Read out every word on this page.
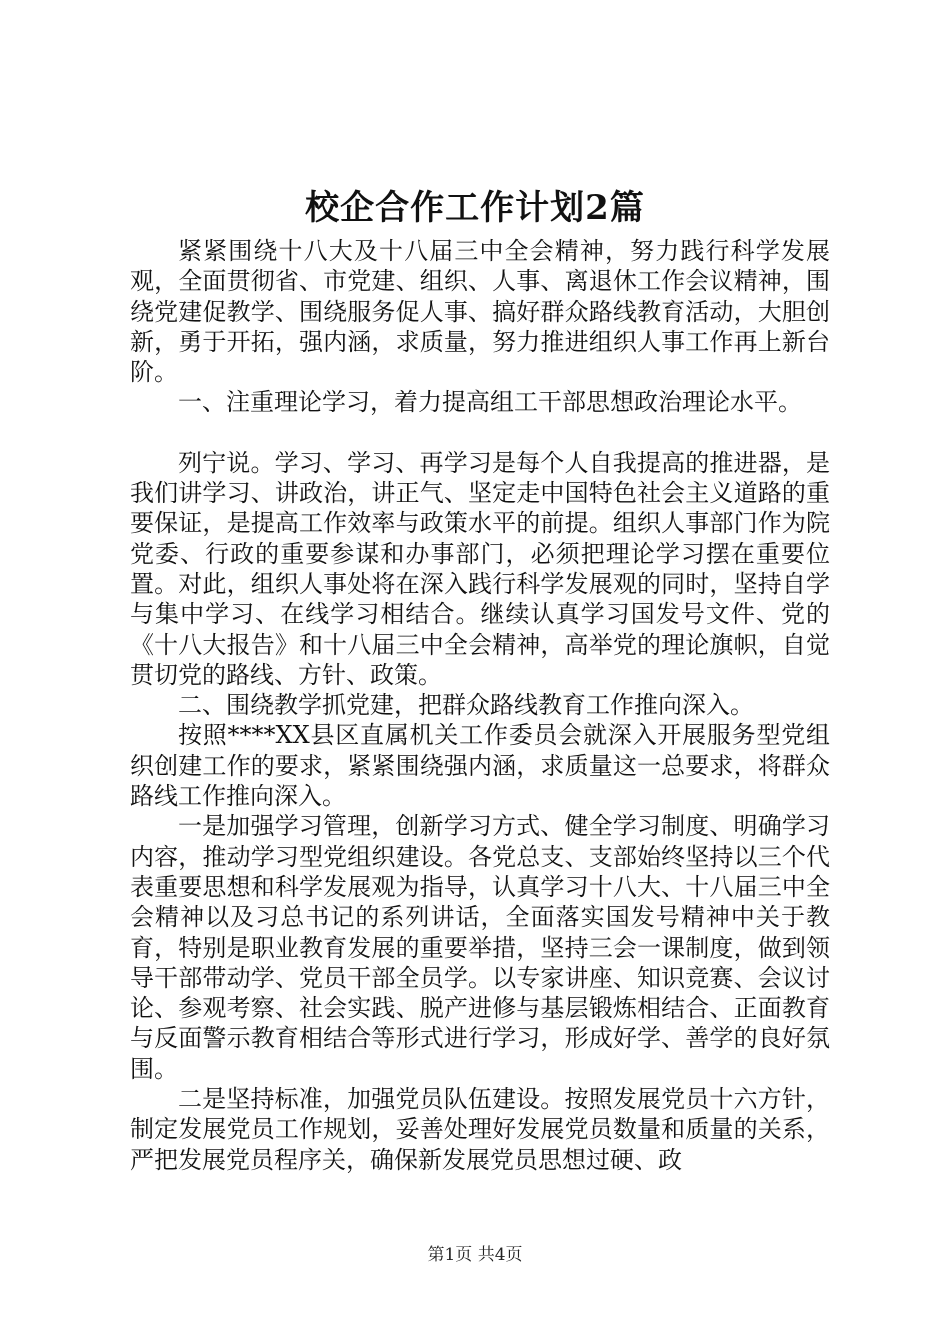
校企合作工作计划2篇

紧紧围绕十八大及十八届三中全会精神，努力践行科学发展观，全面贯彻省、市党建、组织、人事、离退休工作会议精神，围绕党建促教学、围绕服务促人事、搞好群众路线教育活动，大胆创新，勇于开拓，强内涵，求质量，努力推进组织人事工作再上新台阶。

一、注重理论学习，着力提高组工干部思想政治理论水平。

列宁说。学习、学习、再学习是每个人自我提高的推进器，是我们讲学习、讲政治，讲正气、坚定走中国特色社会主义道路的重要保证，是提高工作效率与政策水平的前提。组织人事部门作为院党委、行政的重要参谋和办事部门，必须把理论学习摆在重要位置。对此，组织人事处将在深入践行科学发展观的同时，坚持自学与集中学习、在线学习相结合。继续认真学习国发号文件、党的《十八大报告》和十八届三中全会精神，高举党的理论旗帜，自觉贯切党的路线、方针、政策。

二、围绕教学抓党建，把群众路线教育工作推向深入。

按照****XX县区直属机关工作委员会就深入开展服务型党组织创建工作的要求，紧紧围绕强内涵，求质量这一总要求，将群众路线工作推向深入。

一是加强学习管理，创新学习方式、健全学习制度、明确学习内容，推动学习型党组织建设。各党总支、支部始终坚持以三个代表重要思想和科学发展观为指导，认真学习十八大、十八届三中全会精神以及习总书记的系列讲话，全面落实国发号精神中关于教育，特别是职业教育发展的重要举措，坚持三会一课制度，做到领导干部带动学、党员干部全员学。以专家讲座、知识竞赛、会议讨论、参观考察、社会实践、脱产进修与基层锻炼相结合、正面教育与反面警示教育相结合等形式进行学习，形成好学、善学的良好氛围。

二是坚持标准，加强党员队伍建设。按照发展党员十六方针，制定发展党员工作规划，妥善处理好发展党员数量和质量的关系，严把发展党员程序关，确保新发展党员思想过硬、政

第1页 共4页
